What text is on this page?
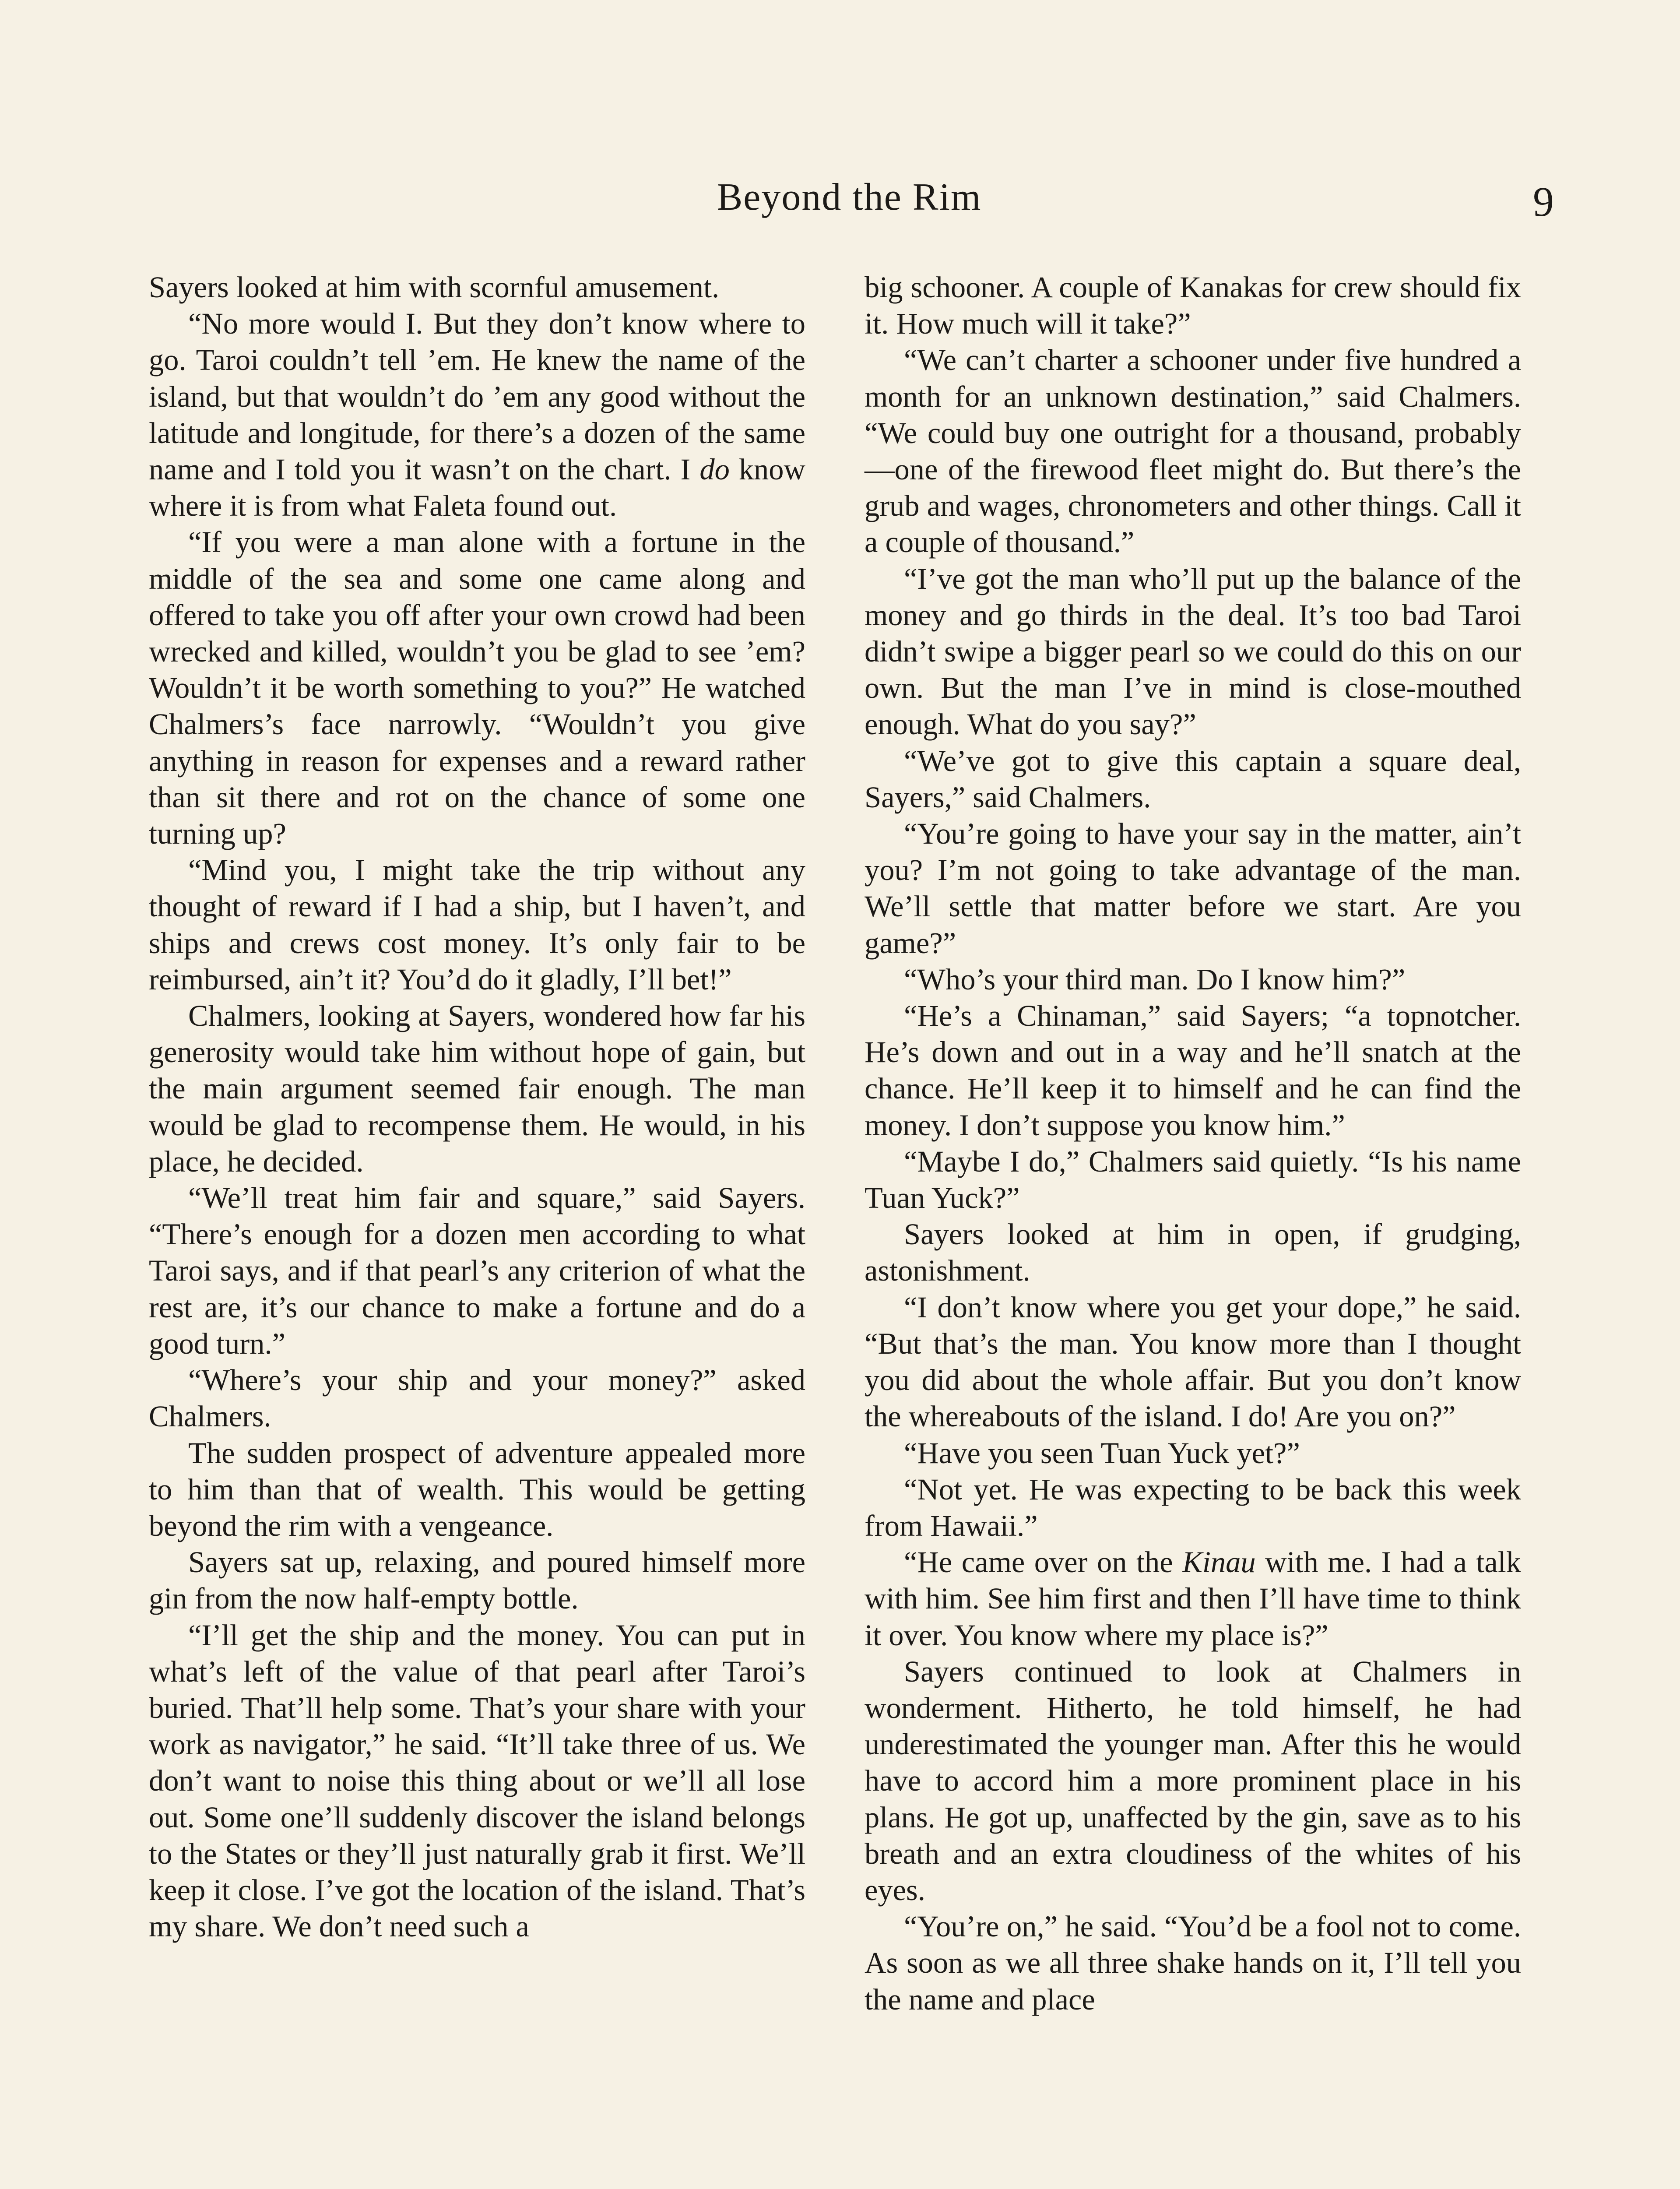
Beyond the Rim	9

Sayers looked at him with scornful amusement.

“No more would I. But they don’t know where to go. Taroi couldn’t tell ’em. He knew the name of the island, but that wouldn’t do ’em any good without the latitude and longitude, for there’s a dozen of the same name and I told you it wasn’t on the chart. I do know where it is from what Faleta found out.

“If you were a man alone with a fortune in the middle of the sea and some one came along and offered to take you off after your own crowd had been wrecked and killed, wouldn’t you be glad to see ’em? Wouldn’t it be worth something to you?” He watched Chalmers’s face narrowly. “Wouldn’t you give anything in reason for expenses and a reward rather than sit there and rot on the chance of some one turning up?

“Mind you, I might take the trip without any thought of reward if I had a ship, but I haven’t, and ships and crews cost money. It’s only fair to be reimbursed, ain’t it? You’d do it gladly, I’ll bet!”

Chalmers, looking at Sayers, wondered how far his generosity would take him without hope of gain, but the main argument seemed fair enough. The man would be glad to recompense them. He would, in his place, he decided.

“We’ll treat him fair and square,” said Sayers. “There’s enough for a dozen men according to what Taroi says, and if that pearl’s any criterion of what the rest are, it’s our chance to make a fortune and do a good turn.”

“Where’s your ship and your money?” asked Chalmers.

The sudden prospect of adventure appealed more to him than that of wealth. This would be getting beyond the rim with a vengeance.

Sayers sat up, relaxing, and poured himself more gin from the now half-empty bottle.

“I’ll get the ship and the money. You can put in what’s left of the value of that pearl after Taroi’s buried. That’ll help some. That’s your share with your work as navigator,” he said. “It’ll take three of us. We don’t want to noise this thing about or we’ll all lose out. Some one’ll suddenly discover the island belongs to the States or they’ll just naturally grab it first. We’ll keep it close. I’ve got the location of the island. That’s my share. We don’t need such a

big schooner. A couple of Kanakas for crew should fix it. How much will it take?”

“We can’t charter a schooner under five hundred a month for an unknown destination,” said Chalmers. “We could buy one outright for a thousand, probably—one of the firewood fleet might do. But there’s the grub and wages, chronometers and other things. Call it a couple of thousand.”

“I’ve got the man who’ll put up the balance of the money and go thirds in the deal. It’s too bad Taroi didn’t swipe a bigger pearl so we could do this on our own. But the man I’ve in mind is close-mouthed enough. What do you say?”

“We’ve got to give this captain a square deal, Sayers,” said Chalmers.

“You’re going to have your say in the matter, ain’t you? I’m not going to take advantage of the man. We’ll settle that matter before we start. Are you game?”

“Who’s your third man. Do I know him?”

“He’s a Chinaman,” said Sayers; “a topnotcher. He’s down and out in a way and he’ll snatch at the chance. He’ll keep it to himself and he can find the money. I don’t suppose you know him.”

“Maybe I do,” Chalmers said quietly. “Is his name Tuan Yuck?”

Sayers looked at him in open, if grudging, astonishment.

“I don’t know where you get your dope,” he said. “But that’s the man. You know more than I thought you did about the whole affair. But you don’t know the whereabouts of the island. I do! Are you on?”

“Have you seen Tuan Yuck yet?”

“Not yet. He was expecting to be back this week from Hawaii.”

“He came over on the Kinau with me. I had a talk with him. See him first and then I’ll have time to think it over. You know where my place is?”

Sayers continued to look at Chalmers in wonderment. Hitherto, he told himself, he had underestimated the younger man. After this he would have to accord him a more prominent place in his plans. He got up, unaffected by the gin, save as to his breath and an extra cloudiness of the whites of his eyes.

“You’re on,” he said. “You’d be a fool not to come. As soon as we all three shake hands on it, I’ll tell you the name and place
